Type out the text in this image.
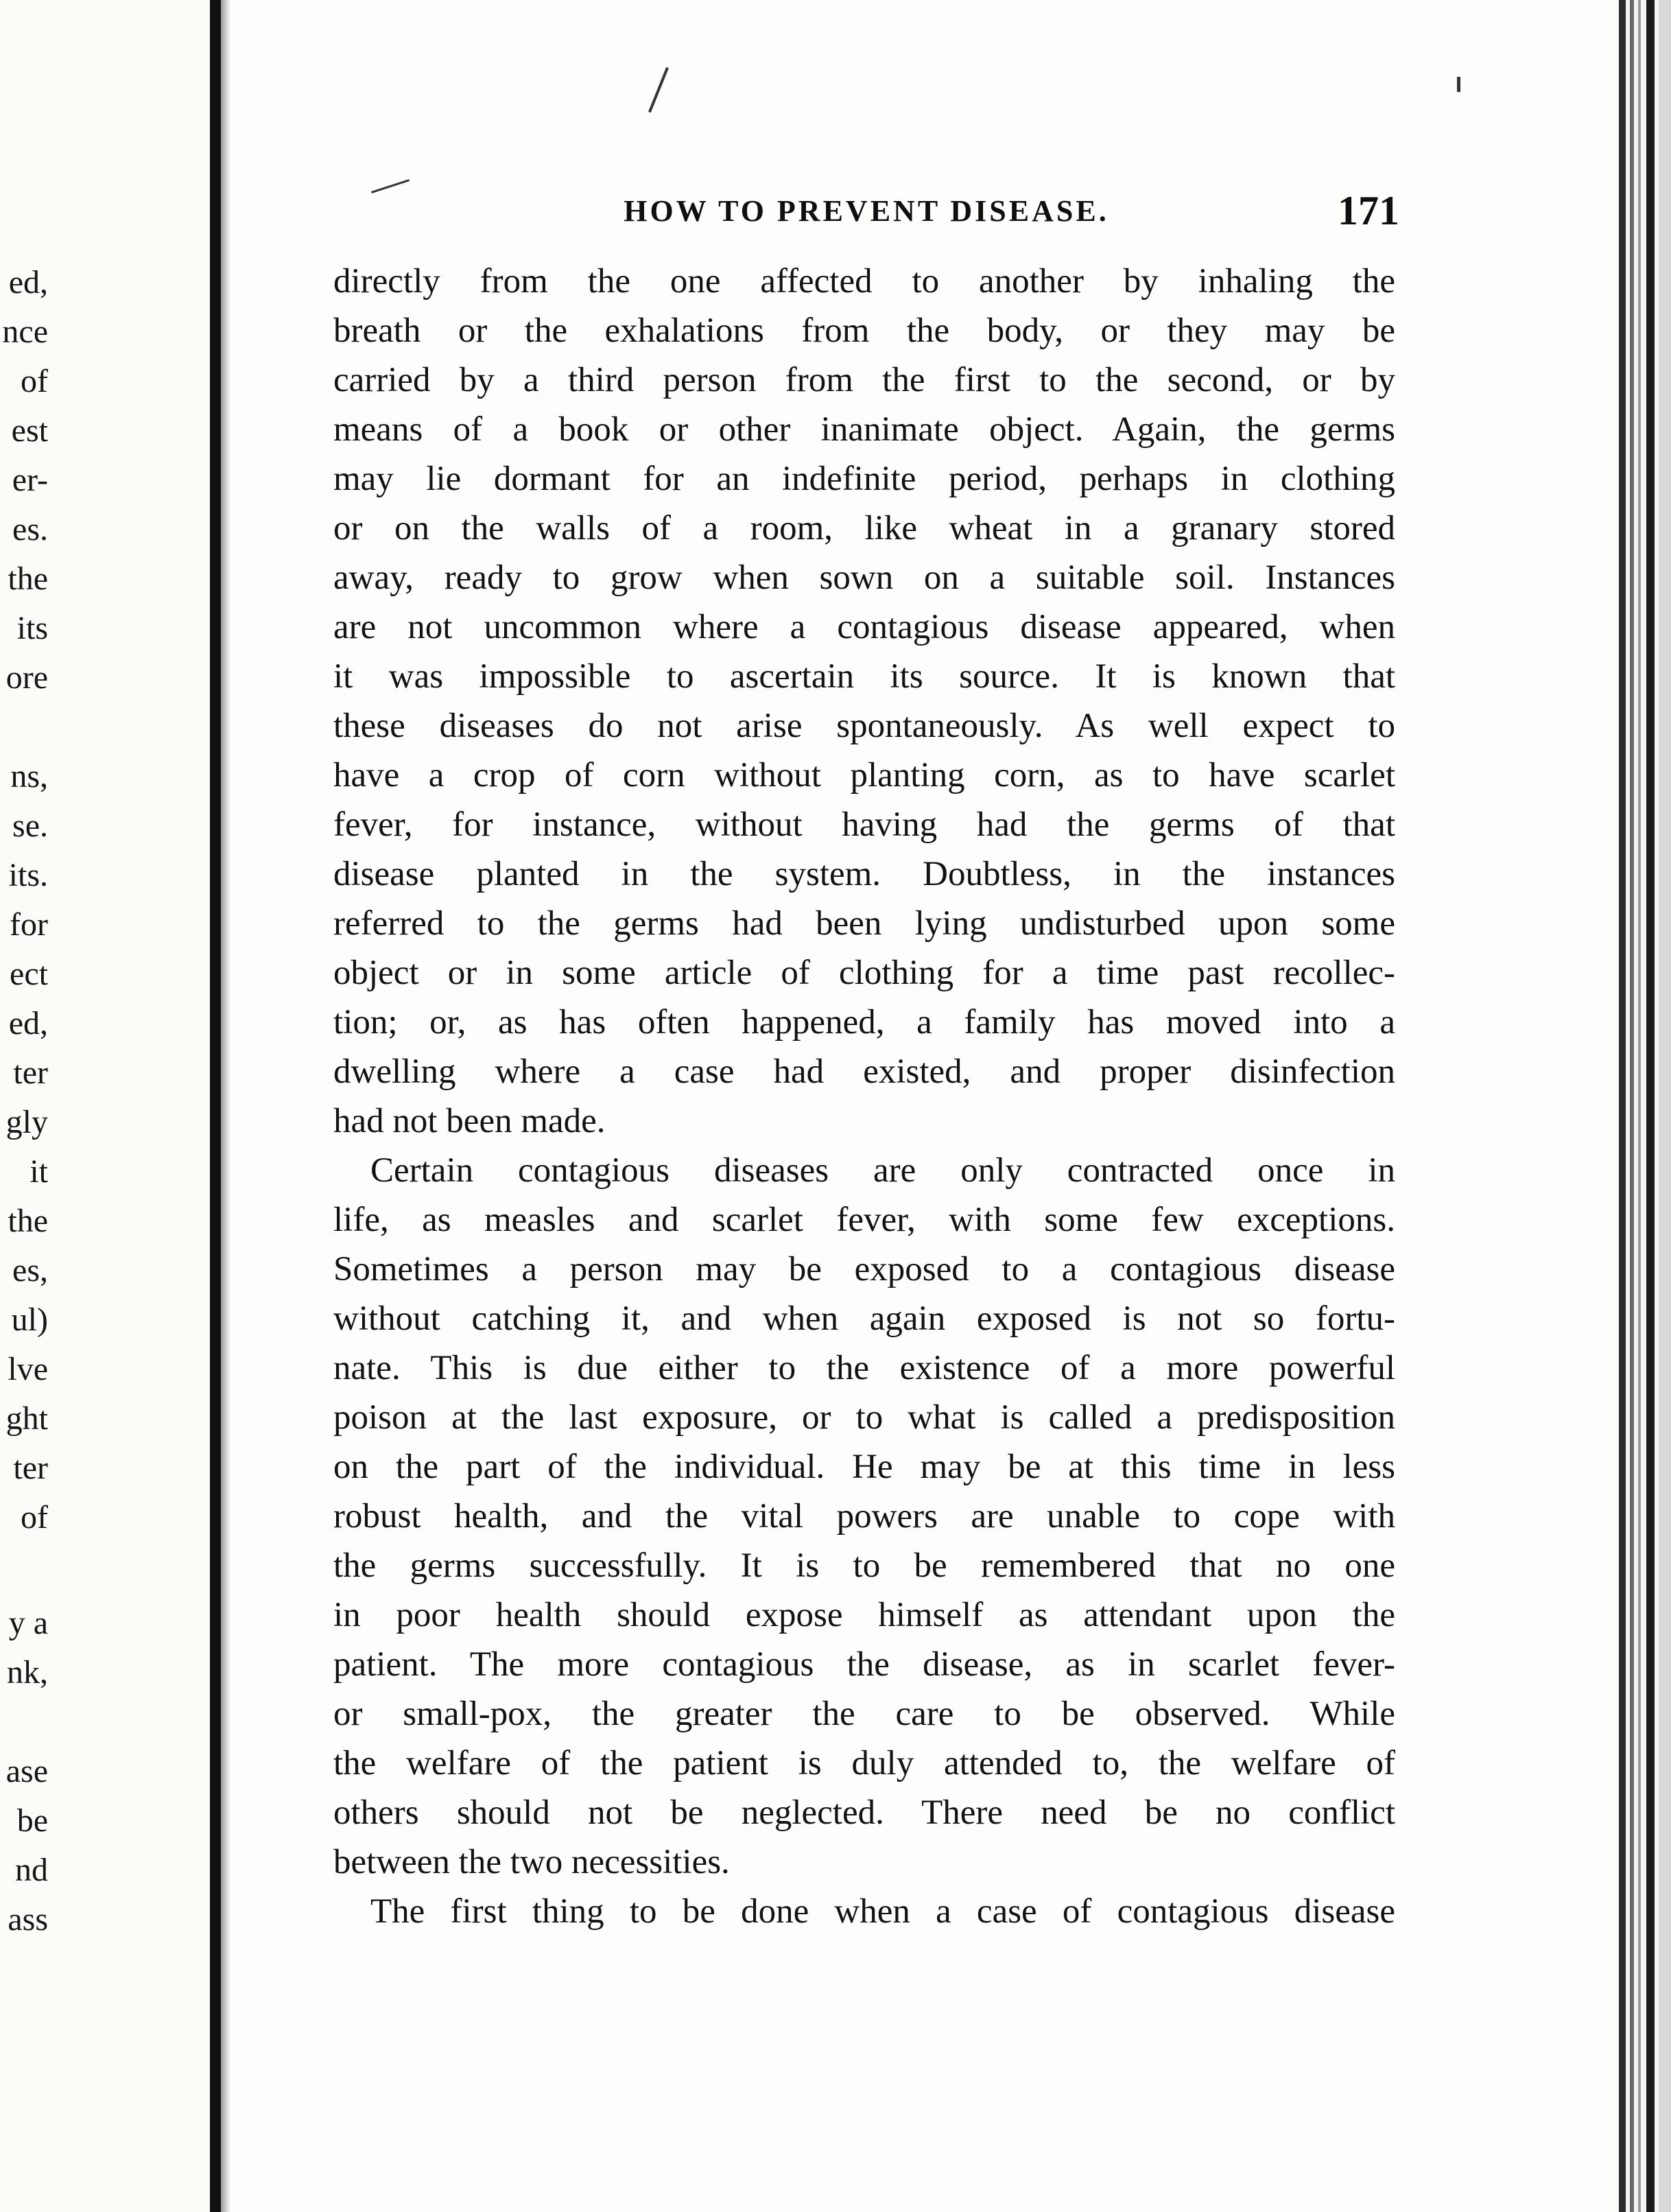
ed,
nce
of
est
er-
es.
the
its
ore
ns,
se.
its.
for
ect
ed,
ter
gly
it
the
es,
ul)
lve
ght
ter
of
y a
nk,
ase
be
nd
ass
HOW TO PREVENT DISEASE.	171
directly from the one affected to another by inhaling the
breath or the exhalations from the body, or they may be
carried by a third person from the first to the second, or by
means of a book or other inanimate object. Again, the germs
may lie dormant for an indefinite period, perhaps in clothing
or on the walls of a room, like wheat in a granary stored
away, ready to grow when sown on a suitable soil. Instances
are not uncommon where a contagious disease appeared, when
it was impossible to ascertain its source. It is known that
these diseases do not arise spontaneously. As well expect to
have a crop of corn without planting corn, as to have scarlet
fever, for instance, without having had the germs of that
disease planted in the system. Doubtless, in the instances
referred to the germs had been lying undisturbed upon some
object or in some article of clothing for a time past recollec-
tion; or, as has often happened, a family has moved into a
dwelling where a case had existed, and proper disinfection
had not been made.
Certain contagious diseases are only contracted once in
life, as measles and scarlet fever, with some few exceptions.
Sometimes a person may be exposed to a contagious disease
without catching it, and when again exposed is not so fortu-
nate. This is due either to the existence of a more powerful
poison at the last exposure, or to what is called a predisposition
on the part of the individual. He may be at this time in less
robust health, and the vital powers are unable to cope with
the germs successfully. It is to be remembered that no one
in poor health should expose himself as attendant upon the
patient. The more contagious the disease, as in scarlet fever-
or small-pox, the greater the care to be observed. While
the welfare of the patient is duly attended to, the welfare of
others should not be neglected. There need be no conflict
between the two necessities.
The first thing to be done when a case of contagious disease
